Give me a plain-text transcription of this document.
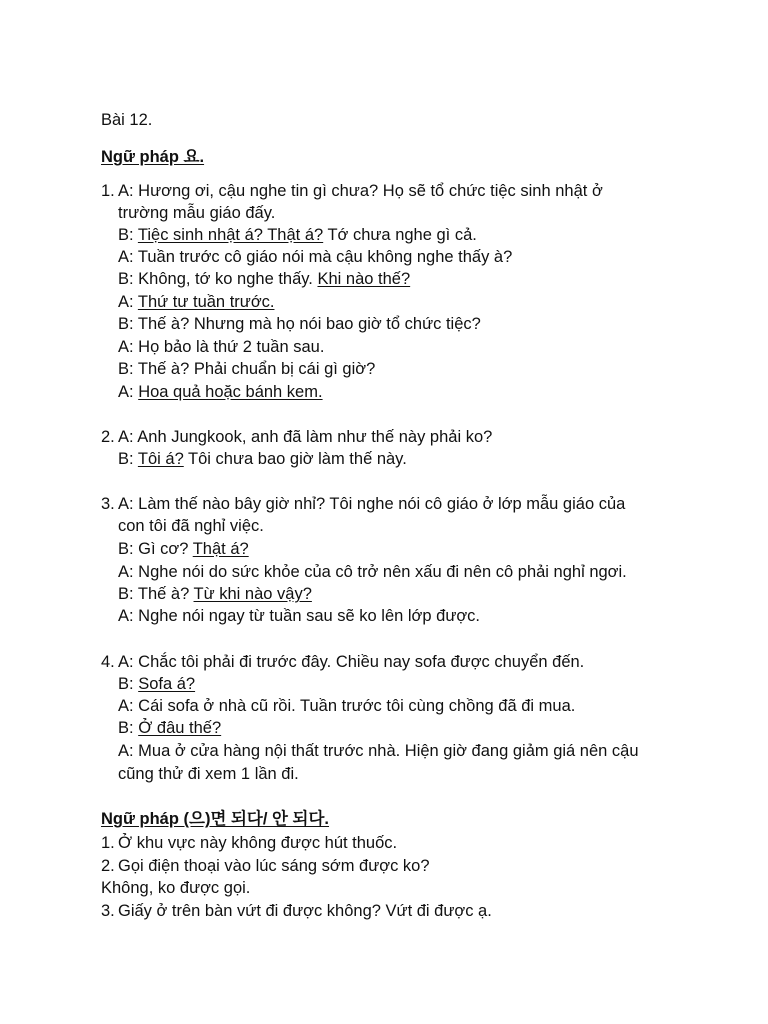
Bài 12.
Ngữ pháp 요.
1. A: Hương ơi, cậu nghe tin gì chưa? Họ sẽ tổ chức tiệc sinh nhật ở
trường mẫu giáo đấy.
B: Tiệc sinh nhật á? Thật á? Tớ chưa nghe gì cả.
A: Tuần trước cô giáo nói mà cậu không nghe thấy à?
B: Không, tớ ko nghe thấy. Khi nào thế?
A: Thứ tư tuần trước.
B: Thế à? Nhưng mà họ nói bao giờ tổ chức tiệc?
A: Họ bảo là thứ 2 tuần sau.
B: Thế à? Phải chuẩn bị cái gì giờ?
A: Hoa quả hoặc bánh kem.
2. A: Anh Jungkook, anh đã làm như thế này phải ko?
B: Tôi á? Tôi chưa bao giờ làm thế này.
3. A: Làm thế nào bây giờ nhỉ? Tôi nghe nói cô giáo ở lớp mẫu giáo của
con tôi đã nghỉ việc.
B: Gì cơ? Thật á?
A: Nghe nói do sức khỏe của cô trở nên xấu đi nên cô phải nghỉ ngơi.
B: Thế à? Từ khi nào vậy?
A: Nghe nói ngay từ tuần sau sẽ ko lên lớp được.
4. A: Chắc tôi phải đi trước đây. Chiều nay sofa được chuyển đến.
B: Sofa á?
A: Cái sofa ở nhà cũ rồi. Tuần trước tôi cùng chồng đã đi mua.
B: Ở đâu thế?
A: Mua ở cửa hàng nội thất trước nhà. Hiện giờ đang giảm giá nên cậu
cũng thử đi xem 1 lần đi.
Ngữ pháp (으)면 되다/ 안 되다.
1. Ở khu vực này không được hút thuốc.
2. Gọi điện thoại vào lúc sáng sớm được ko?
Không, ko được gọi.
3. Giấy ở trên bàn vứt đi được không? Vứt đi được ạ.
